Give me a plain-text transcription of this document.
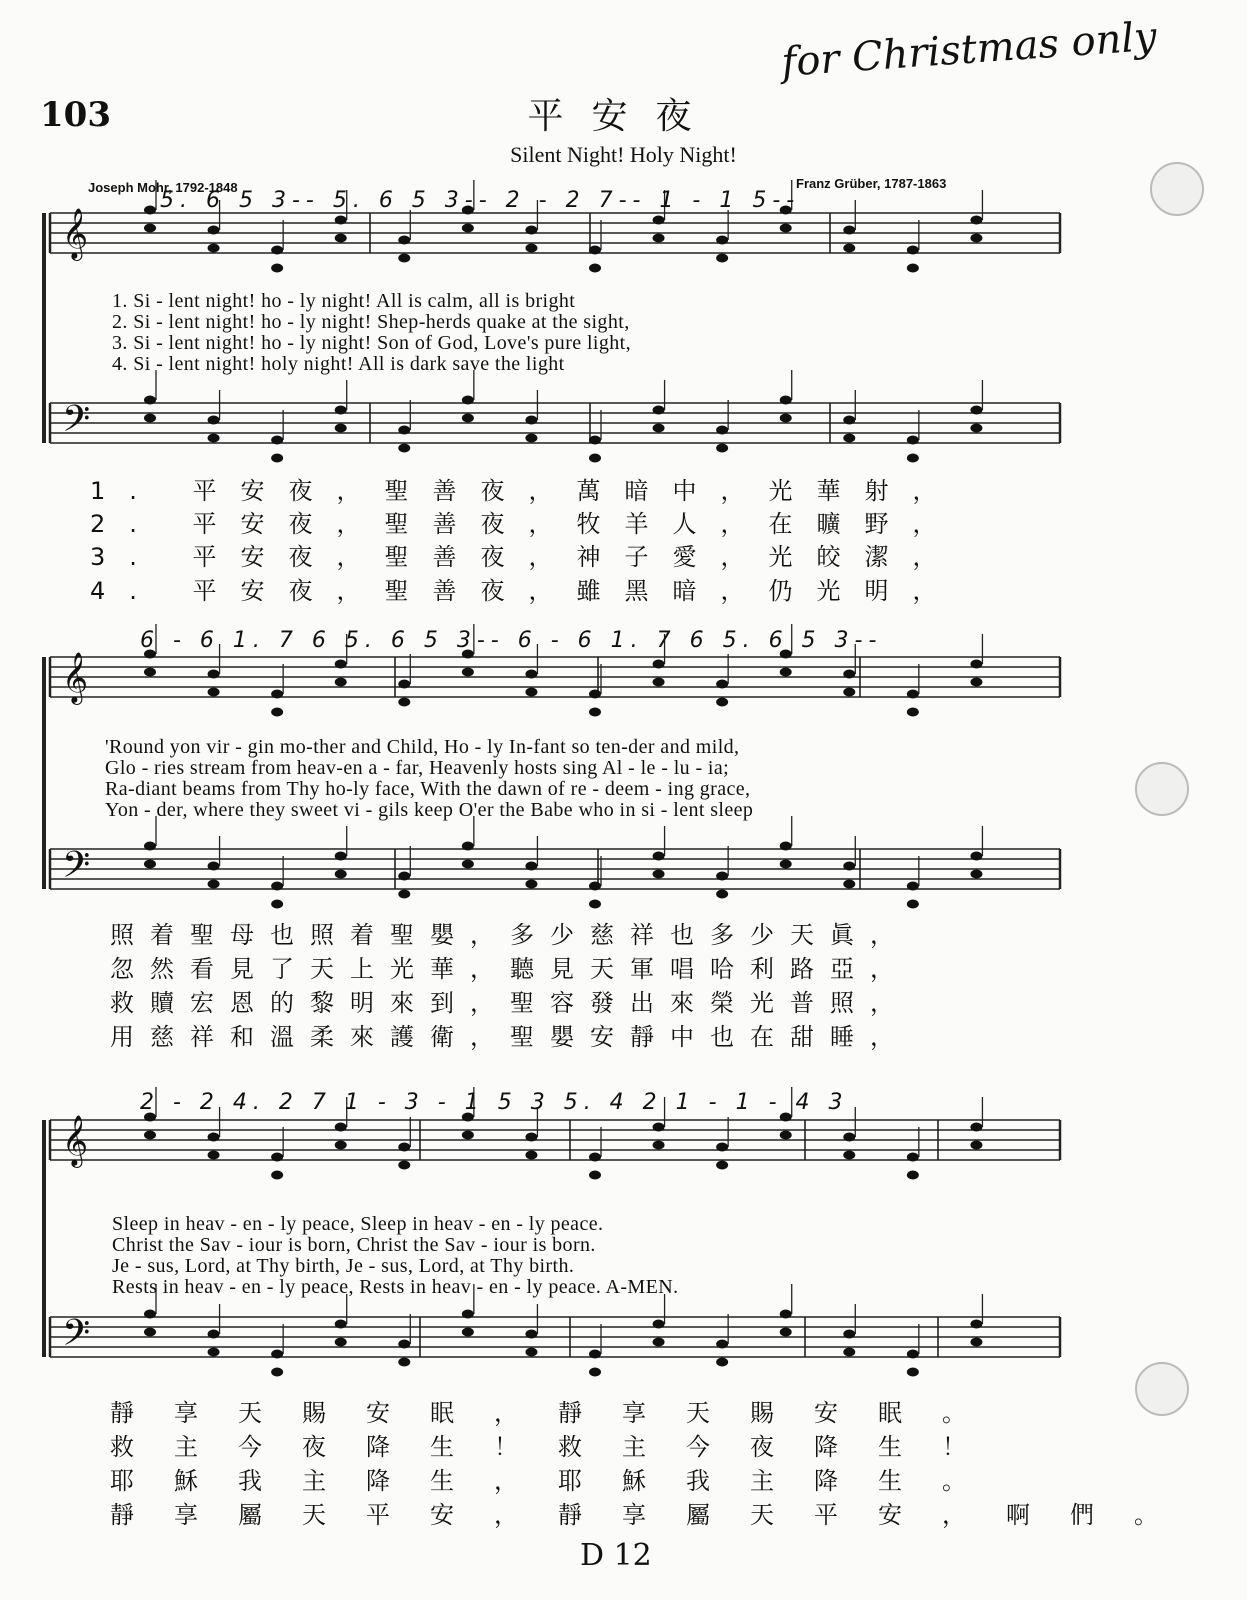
for Christmas only
103	平安夜
Silent Night! Holy Night!
Joseph Mohr, 1792-1848	Franz Grüber, 1787-1863
𝄞
𝄢
𝄞
𝄢
𝄞
𝄢
5. 6 5 3-- 5. 6 5 3-- 2 - 2 7-- 1 - 1 5--
1. Si - lent night! ho - ly night! All is calm, all is bright
2. Si - lent night! ho - ly night! Shep-herds quake at the sight,
3. Si - lent night! ho - ly night! Son of God, Love's pure light,
4. Si - lent night! holy night! All is dark save the light
1. 平安夜，聖善夜，萬暗中，光華射，
2. 平安夜，聖善夜，牧羊人，在曠野，
3. 平安夜，聖善夜，神子愛，光皎潔，
4. 平安夜，聖善夜，雖黑暗，仍光明，
6 - 6 1. 7 6 5. 6 5 3-- 6 - 6 1. 7 6 5. 6 5 3--
'Round yon vir - gin mo-ther and Child, Ho - ly In-fant so ten-der and mild,
Glo - ries stream from heav-en a - far, Heavenly hosts sing Al - le - lu - ia;
Ra-diant beams from Thy ho-ly face, With the dawn of re - deem - ing grace,
Yon - der, where they sweet vi - gils keep O'er the Babe who in si - lent sleep
照着聖母也照着聖嬰，多少慈祥也多少天眞，
忽然看見了天上光華，聽見天軍唱哈利路亞，
救贖宏恩的黎明來到，聖容發出來榮光普照，
用慈祥和溫柔來護衛，聖嬰安靜中也在甜睡，
2 - 2 4. 2 7 1 - 3 - 1 5 3 5. 4 2 1 - 1 - 4 3
Sleep in heav - en - ly peace, Sleep in heav - en - ly peace.
Christ the Sav - iour is born, Christ the Sav - iour is born.
Je - sus, Lord, at Thy birth, Je - sus, Lord, at Thy birth.
Rests in heav - en - ly peace, Rests in heav - en - ly peace. A-MEN.
靜享天賜安眠，靜享天賜安眠。
救主今夜降生！救主今夜降生！
耶穌我主降生，耶穌我主降生。
靜享屬天平安，靜享屬天平安，啊們。
D 12
